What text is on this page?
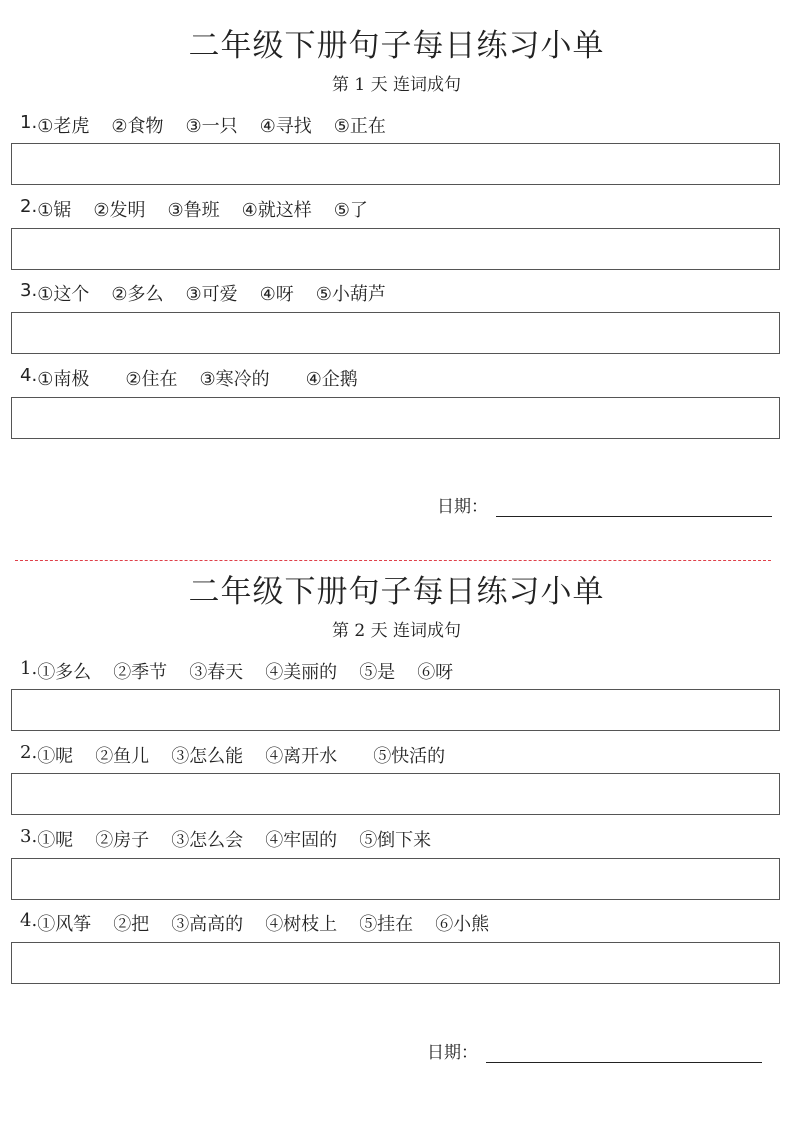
二年级下册句子每日练习小单
第 1 天 连词成句
1. ①老虎 ②食物 ③一只 ④寻找 ⑤正在
2. ①锯 ②发明 ③鲁班 ④就这样 ⑤了
3. ①这个 ②多么 ③可爱 ④呀 ⑤小葫芦
4. ①南极 ②住在 ③寒冷的 ④企鹅
日期：
二年级下册句子每日练习小单
第 2 天 连词成句
1. ①多么 ②季节 ③春天 ④美丽的 ⑤是 ⑥呀
2. ①呢 ②鱼儿 ③怎么能 ④离开水 ⑤快活的
3. ①呢 ②房子 ③怎么会 ④牢固的 ⑤倒下来
4. ①风筝 ②把 ③高高的 ④树枝上 ⑤挂在 ⑥小熊
日期：
